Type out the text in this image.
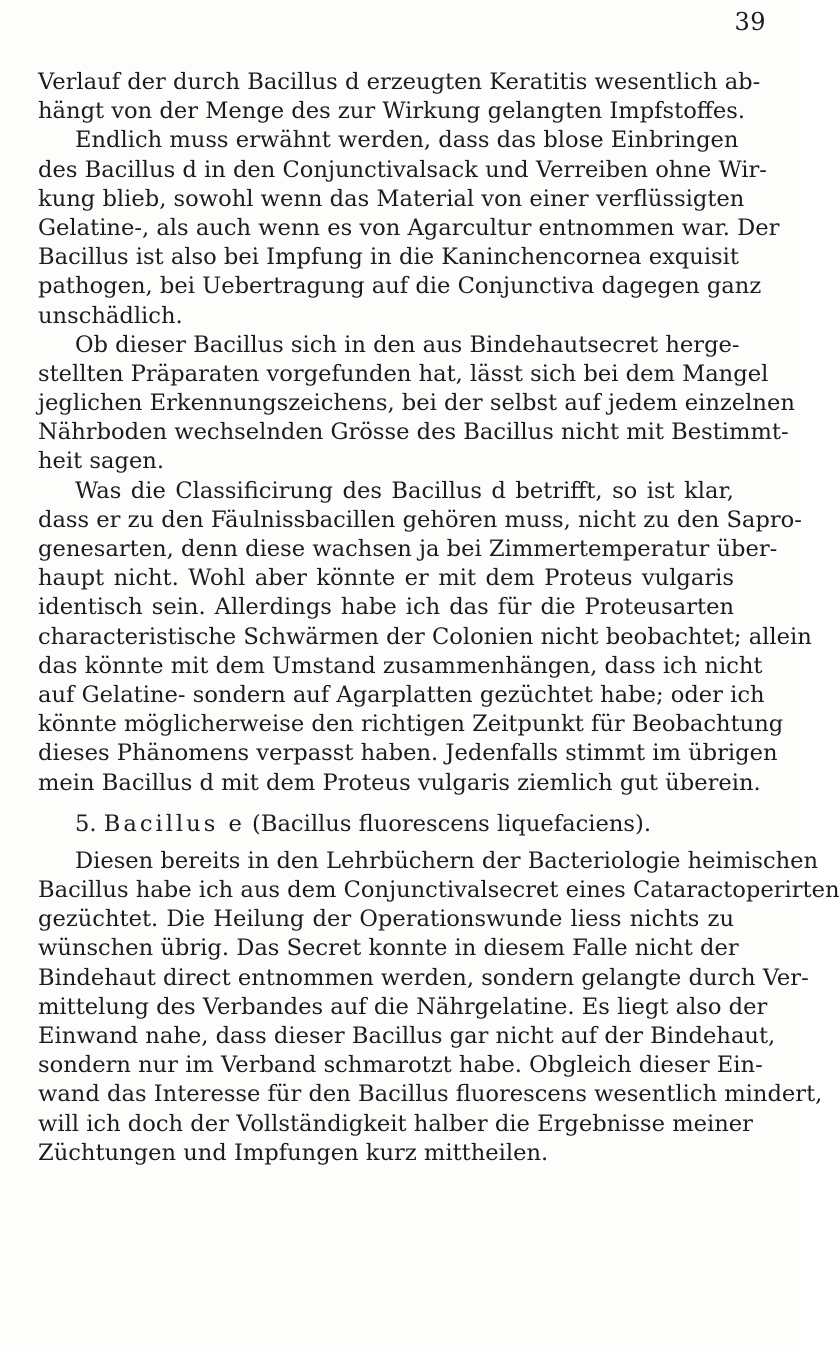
39
Verlauf der durch Bacillus d erzeugten Keratitis wesentlich ab-
hängt von der Menge des zur Wirkung gelangten Impfstoffes.
Endlich muss erwähnt werden, dass das blose Einbringen
des Bacillus d in den Conjunctivalsack und Verreiben ohne Wir-
kung blieb, sowohl wenn das Material von einer verflüssigten
Gelatine-, als auch wenn es von Agarcultur entnommen war. Der
Bacillus ist also bei Impfung in die Kaninchencornea exquisit
pathogen, bei Uebertragung auf die Conjunctiva dagegen ganz
unschädlich.
Ob dieser Bacillus sich in den aus Bindehautsecret herge-
stellten Präparaten vorgefunden hat, lässt sich bei dem Mangel
jeglichen Erkennungszeichens, bei der selbst auf jedem einzelnen
Nährboden wechselnden Grösse des Bacillus nicht mit Bestimmt-
heit sagen.
Was die Classificirung des Bacillus d betrifft, so ist klar,
dass er zu den Fäulnissbacillen gehören muss, nicht zu den Sapro-
genesarten, denn diese wachsen ja bei Zimmertemperatur über-
haupt nicht. Wohl aber könnte er mit dem Proteus vulgaris
identisch sein. Allerdings habe ich das für die Proteusarten
characteristische Schwärmen der Colonien nicht beobachtet; allein
das könnte mit dem Umstand zusammenhängen, dass ich nicht
auf Gelatine- sondern auf Agarplatten gezüchtet habe; oder ich
könnte möglicherweise den richtigen Zeitpunkt für Beobachtung
dieses Phänomens verpasst haben. Jedenfalls stimmt im übrigen
mein Bacillus d mit dem Proteus vulgaris ziemlich gut überein.
5. Bacillus e (Bacillus fluorescens liquefaciens).
Diesen bereits in den Lehrbüchern der Bacteriologie heimischen
Bacillus habe ich aus dem Conjunctivalsecret eines Cataractoperirten
gezüchtet. Die Heilung der Operationswunde liess nichts zu
wünschen übrig. Das Secret konnte in diesem Falle nicht der
Bindehaut direct entnommen werden, sondern gelangte durch Ver-
mittelung des Verbandes auf die Nährgelatine. Es liegt also der
Einwand nahe, dass dieser Bacillus gar nicht auf der Bindehaut,
sondern nur im Verband schmarotzt habe. Obgleich dieser Ein-
wand das Interesse für den Bacillus fluorescens wesentlich mindert,
will ich doch der Vollständigkeit halber die Ergebnisse meiner
Züchtungen und Impfungen kurz mittheilen.
